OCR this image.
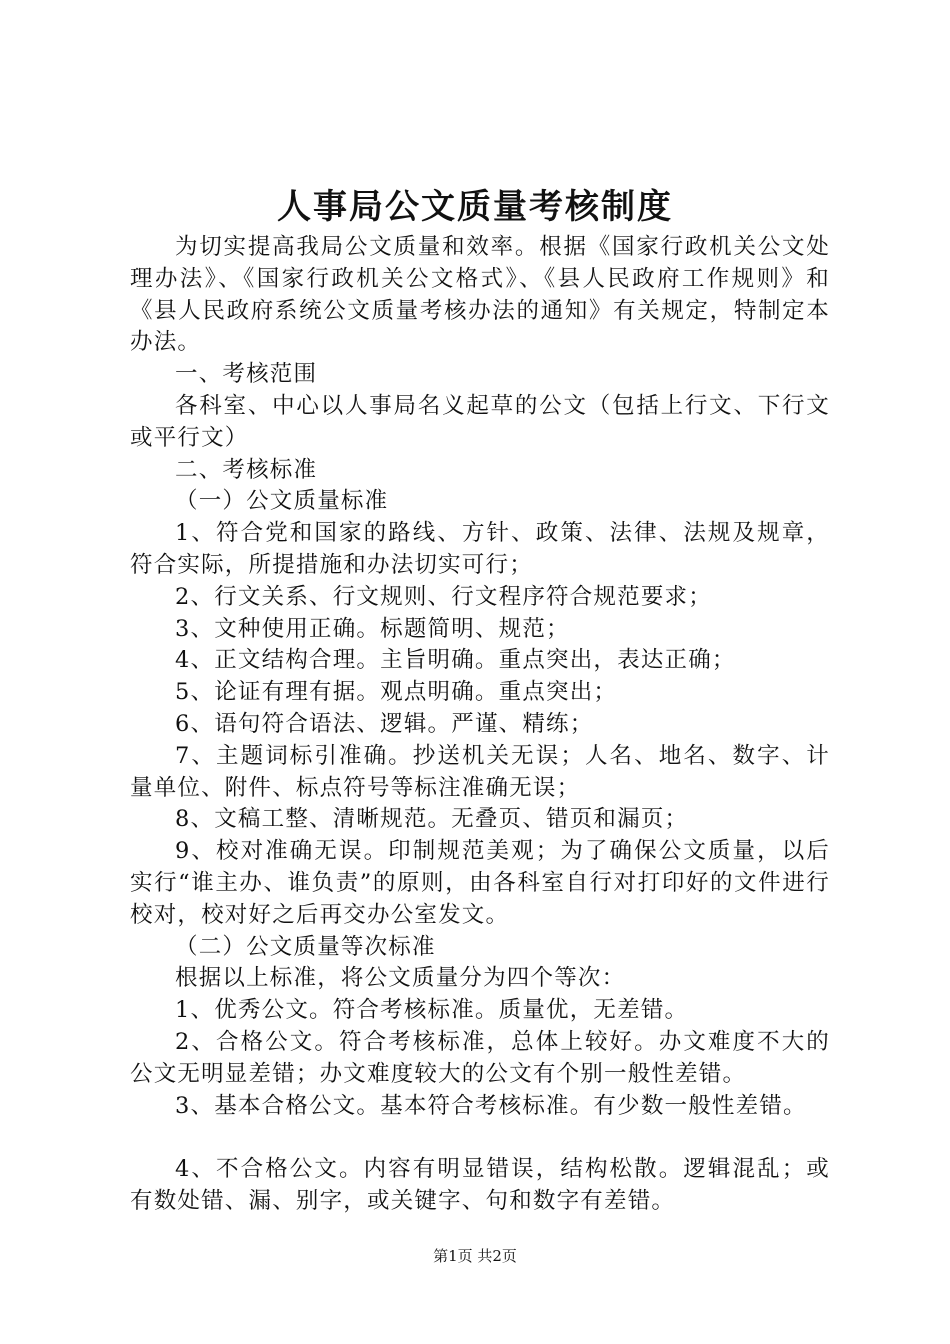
人事局公文质量考核制度

为切实提高我局公文质量和效率。根据《国家行政机关公文处理办法》、《国家行政机关公文格式》、《县人民政府工作规则》和《县人民政府系统公文质量考核办法的通知》有关规定，特制定本办法。

一、考核范围

各科室、中心以人事局名义起草的公文（包括上行文、下行文或平行文）

二、考核标准

（一）公文质量标准

1、符合党和国家的路线、方针、政策、法律、法规及规章，符合实际，所提措施和办法切实可行；

2、行文关系、行文规则、行文程序符合规范要求；

3、文种使用正确。标题简明、规范；

4、正文结构合理。主旨明确。重点突出，表达正确；

5、论证有理有据。观点明确。重点突出；

6、语句符合语法、逻辑。严谨、精练；

7、主题词标引准确。抄送机关无误；人名、地名、数字、计量单位、附件、标点符号等标注准确无误；

8、文稿工整、清晰规范。无叠页、错页和漏页；

9、校对准确无误。印制规范美观；为了确保公文质量，以后实行“谁主办、谁负责”的原则，由各科室自行对打印好的文件进行校对，校对好之后再交办公室发文。

（二）公文质量等次标准

根据以上标准，将公文质量分为四个等次：

1、优秀公文。符合考核标准。质量优，无差错。

2、合格公文。符合考核标准，总体上较好。办文难度不大的公文无明显差错；办文难度较大的公文有个别一般性差错。

3、基本合格公文。基本符合考核标准。有少数一般性差错。

4、不合格公文。内容有明显错误，结构松散。逻辑混乱；或有数处错、漏、别字，或关键字、句和数字有差错。

第1页 共2页
